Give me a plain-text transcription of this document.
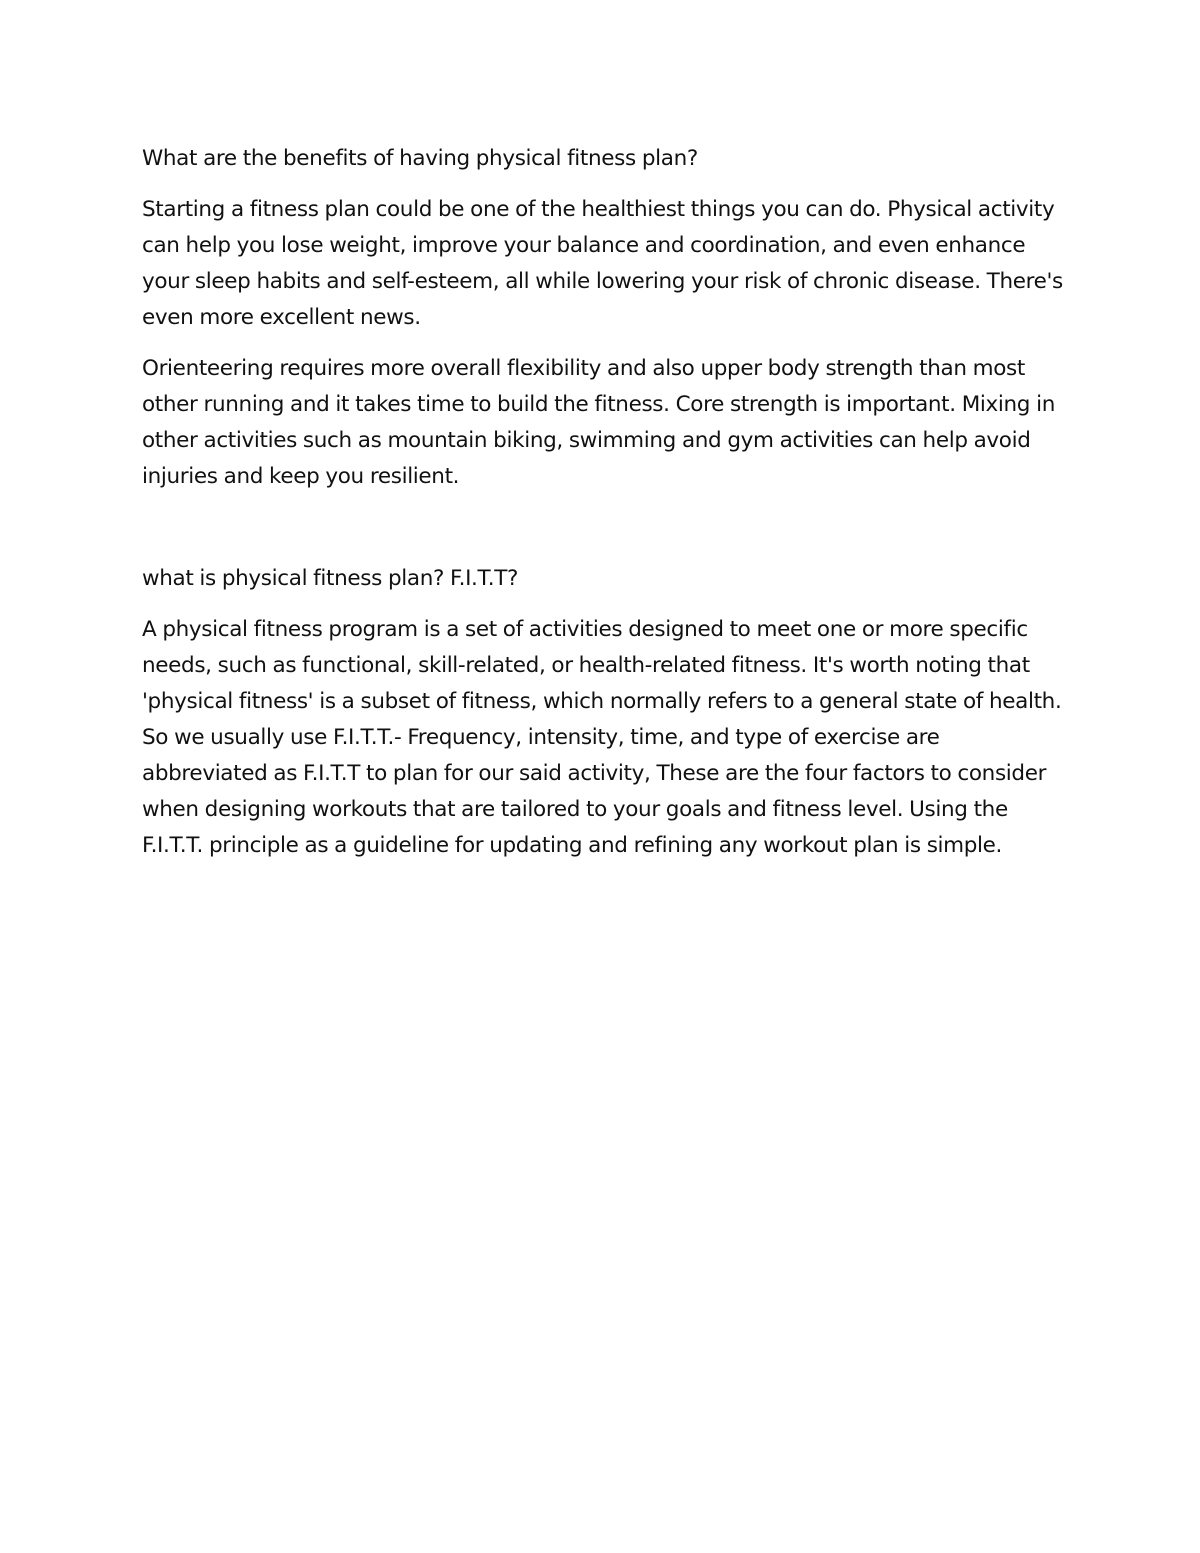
What are the benefits of having physical fitness plan?

Starting a fitness plan could be one of the healthiest things you can do. Physical activity can help you lose weight, improve your balance and coordination, and even enhance your sleep habits and self-esteem, all while lowering your risk of chronic disease. There's even more excellent news.

Orienteering requires more overall flexibility and also upper body strength than most other running and it takes time to build the fitness. Core strength is important. Mixing in other activities such as mountain biking, swimming and gym activities can help avoid injuries and keep you resilient.

what is physical fitness plan? F.I.T.T?

A physical fitness program is a set of activities designed to meet one or more specific needs, such as functional, skill-related, or health-related fitness. It's worth noting that 'physical fitness' is a subset of fitness, which normally refers to a general state of health. So we usually use F.I.T.T.- Frequency, intensity, time, and type of exercise are abbreviated as F.I.T.T to plan for our said activity, These are the four factors to consider when designing workouts that are tailored to your goals and fitness level. Using the F.I.T.T. principle as a guideline for updating and refining any workout plan is simple.
